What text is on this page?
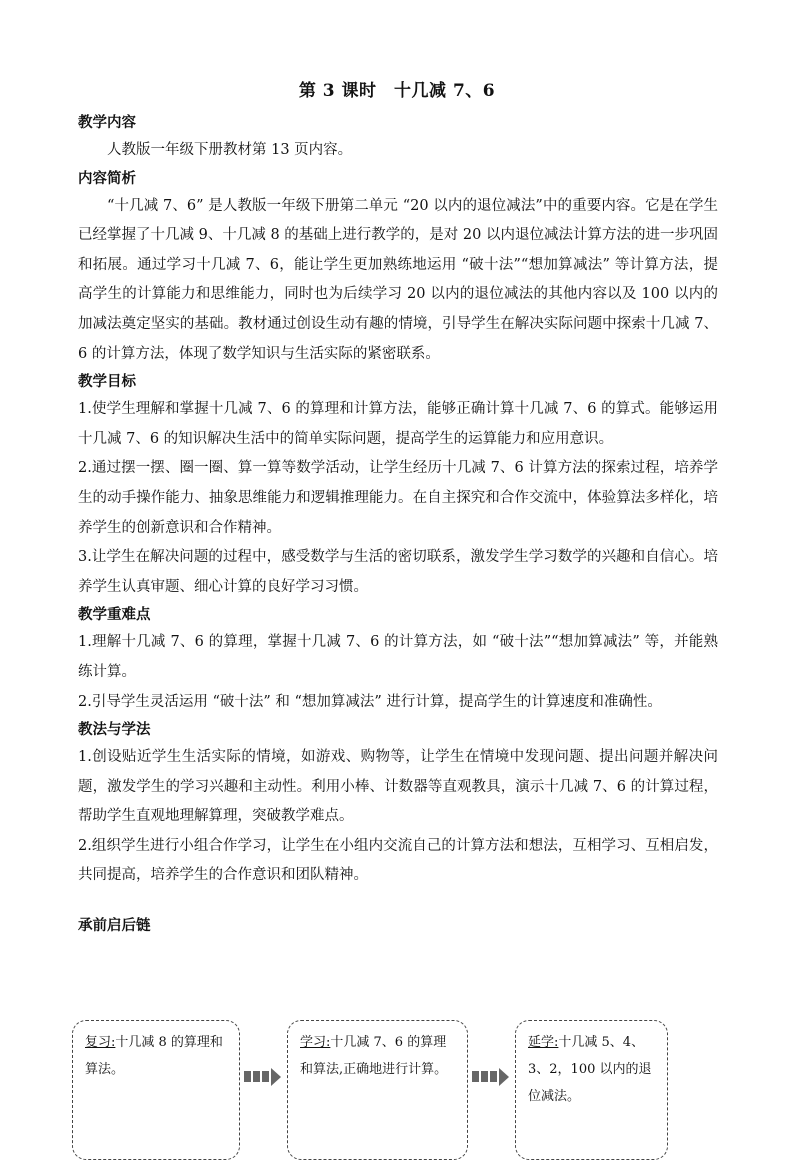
第 3 课时　十几减 7、6

教学内容

人教版一年级下册教材第 13 页内容。

内容简析

“十几减 7、6” 是人教版一年级下册第二单元 “20 以内的退位减法”中的重要内容。它是在学生已经掌握了十几减 9、十几减 8 的基础上进行教学的，是对 20 以内退位减法计算方法的进一步巩固和拓展。通过学习十几减 7、6，能让学生更加熟练地运用 “破十法”“想加算减法” 等计算方法，提高学生的计算能力和思维能力，同时也为后续学习 20 以内的退位减法的其他内容以及 100 以内的加减法奠定坚实的基础。教材通过创设生动有趣的情境，引导学生在解决实际问题中探索十几减 7、6 的计算方法，体现了数学知识与生活实际的紧密联系。

教学目标

1.使学生理解和掌握十几减 7、6 的算理和计算方法，能够正确计算十几减 7、6 的算式。能够运用十几减 7、6 的知识解决生活中的简单实际问题，提高学生的运算能力和应用意识。

2.通过摆一摆、圈一圈、算一算等数学活动，让学生经历十几减 7、6 计算方法的探索过程，培养学生的动手操作能力、抽象思维能力和逻辑推理能力。在自主探究和合作交流中，体验算法多样化，培养学生的创新意识和合作精神。

3.让学生在解决问题的过程中，感受数学与生活的密切联系，激发学生学习数学的兴趣和自信心。培养学生认真审题、细心计算的良好学习习惯。

教学重难点

1.理解十几减 7、6 的算理，掌握十几减 7、6 的计算方法，如 “破十法”“想加算减法” 等，并能熟练计算。

2.引导学生灵活运用 “破十法” 和 “想加算减法” 进行计算，提高学生的计算速度和准确性。

教法与学法

1.创设贴近学生生活实际的情境，如游戏、购物等，让学生在情境中发现问题、提出问题并解决问题，激发学生的学习兴趣和主动性。利用小棒、计数器等直观教具，演示十几减 7、6 的计算过程，帮助学生直观地理解算理，突破教学难点。

2.组织学生进行小组合作学习，让学生在小组内交流自己的计算方法和想法，互相学习、互相启发，共同提高，培养学生的合作意识和团队精神。

承前启后链

复习:十几减 8 的算理和算法。
学习:十几减 7、6 的算理和算法,正确地进行计算。
延学:十几减 5、4、3、2，100 以内的退位减法。
